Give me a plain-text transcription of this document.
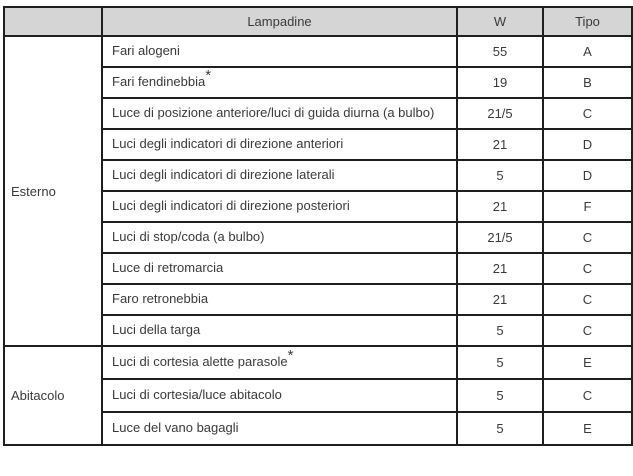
	Lampadine	W	Tipo
Esterno	Fari alogeni	55	A
	Fari fendinebbia*	19	B
	Luce di posizione anteriore/luci di guida diurna (a bulbo)	21/5	C
	Luci degli indicatori di direzione anteriori	21	D
	Luci degli indicatori di direzione laterali	5	D
	Luci degli indicatori di direzione posteriori	21	F
	Luci di stop/coda (a bulbo)	21/5	C
	Luce di retromarcia	21	C
	Faro retronebbia	21	C
	Luci della targa	5	C
Abitacolo	Luci di cortesia alette parasole*	5	E
	Luci di cortesia/luce abitacolo	5	C
	Luce del vano bagagli	5	E
